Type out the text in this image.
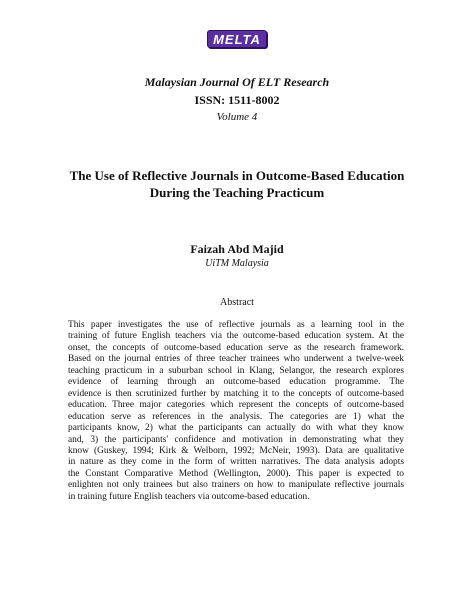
MELTA
Malaysian Journal Of ELT Research
ISSN: 1511-8002
Volume 4
The Use of Reflective Journals in Outcome-Based Education
During the Teaching Practicum
Faizah Abd Majid
UiTM Malaysia
Abstract
This paper investigates the use of reflective journals as a learning tool in the
training of future English teachers via the outcome-based education system. At the
onset, the concepts of outcome-based education serve as the research framework.
Based on the journal entries of three teacher trainees who underwent a twelve-week
teaching practicum in a suburban school in Klang, Selangor, the research explores
evidence of learning through an outcome-based education programme. The
evidence is then scrutinized further by matching it to the concepts of outcome-based
education. Three major categories which represent the concepts of outcome-based
education serve as references in the analysis. The categories are 1) what the
participants know, 2) what the participants can actually do with what they know
and, 3) the participants' confidence and motivation in demonstrating what they
know (Guskey, 1994; Kirk & Welborn, 1992; McNeir, 1993). Data are qualitative
in nature as they come in the form of written narratives. The data analysis adopts
the Constant Comparative Method (Wellington, 2000). This paper is expected to
enlighten not only trainees but also trainers on how to manipulate reflective journals
in training future English teachers via outcome-based education.
